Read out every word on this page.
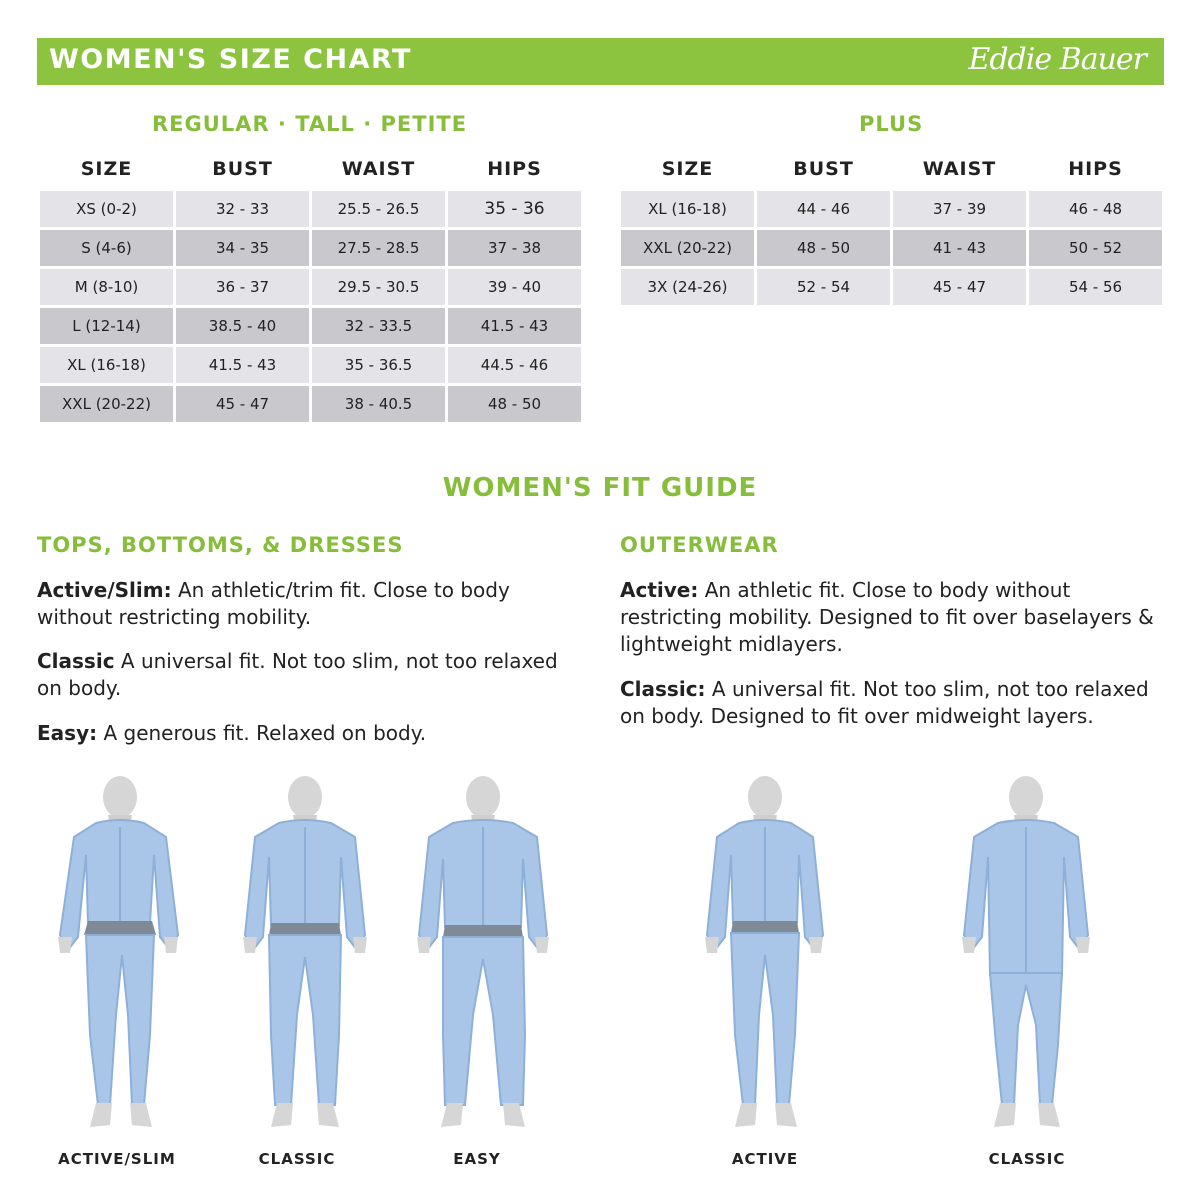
WOMEN'S SIZE CHART	Eddie Bauer
REGULAR · TALL · PETITE
SIZE	BUST	WAIST	HIPS
XS (0-2)	32 - 33	25.5 - 26.5	35 - 36
S (4-6)	34 - 35	27.5 - 28.5	37 - 38
M (8-10)	36 - 37	29.5 - 30.5	39 - 40
L (12-14)	38.5 - 40	32 - 33.5	41.5 - 43
XL (16-18)	41.5 - 43	35 - 36.5	44.5 - 46
XXL (20-22)	45 - 47	38 - 40.5	48 - 50
PLUS
SIZE	BUST	WAIST	HIPS
XL (16-18)	44 - 46	37 - 39	46 - 48
XXL (20-22)	48 - 50	41 - 43	50 - 52
3X (24-26)	52 - 54	45 - 47	54 - 56
WOMEN'S FIT GUIDE
TOPS, BOTTOMS, & DRESSES
Active/Slim: An athletic/trim fit. Close to body without restricting mobility.
Classic A universal fit. Not too slim, not too relaxed on body.
Easy: A generous fit. Relaxed on body.
OUTERWEAR
Active: An athletic fit. Close to body without restricting mobility. Designed to fit over baselayers & lightweight midlayers.
Classic: A universal fit. Not too slim, not too relaxed on body. Designed to fit over midweight layers.
ACTIVE/SLIM	CLASSIC	EASY	ACTIVE	CLASSIC
